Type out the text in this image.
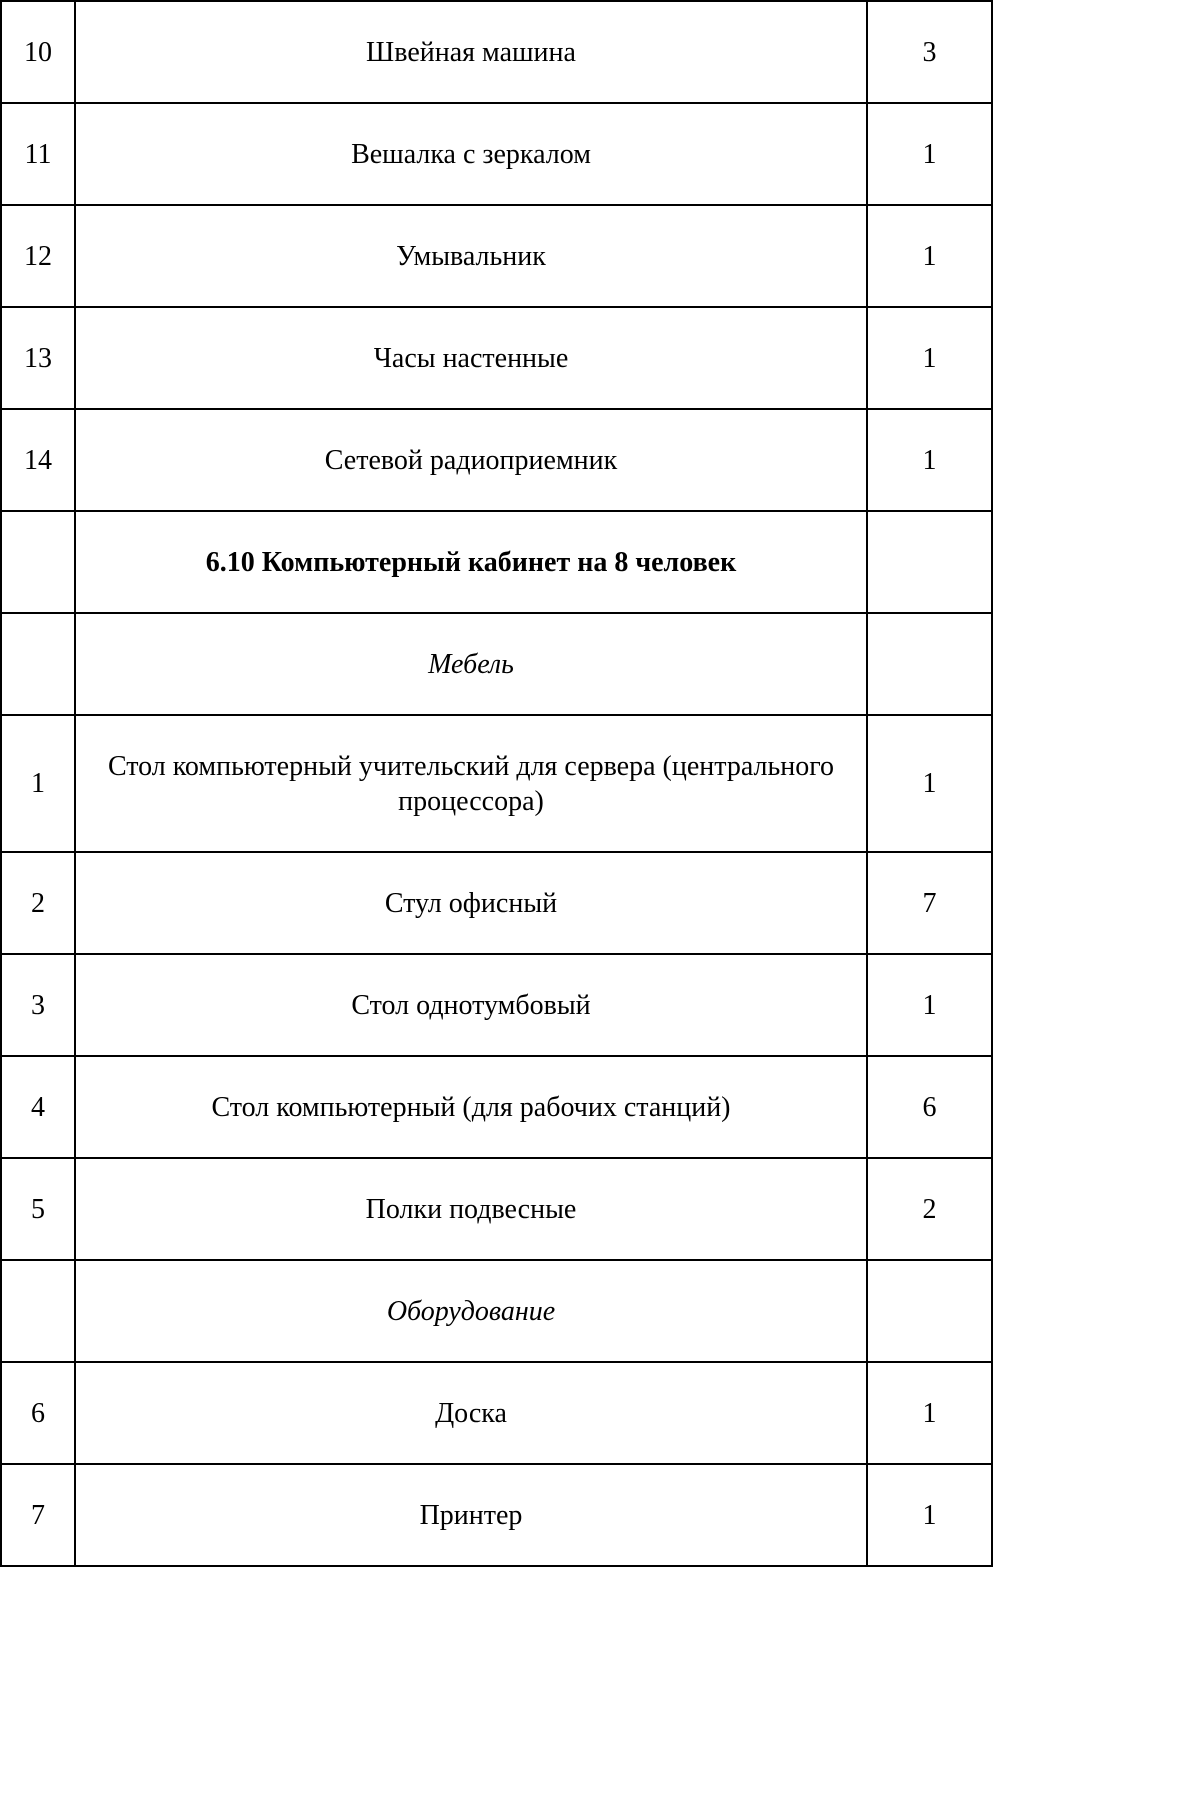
10	Швейная машина	3
11	Вешалка с зеркалом	1
12	Умывальник	1
13	Часы настенные	1
14	Сетевой радиоприемник	1
	6.10 Компьютерный кабинет на 8 человек	
	Мебель	
1	Стол компьютерный учительский для сервера (центрального процессора)	1
2	Стул офисный	7
3	Стол однотумбовый	1
4	Стол компьютерный (для рабочих станций)	6
5	Полки подвесные	2
	Оборудование	
6	Доска	1
7	Принтер	1
